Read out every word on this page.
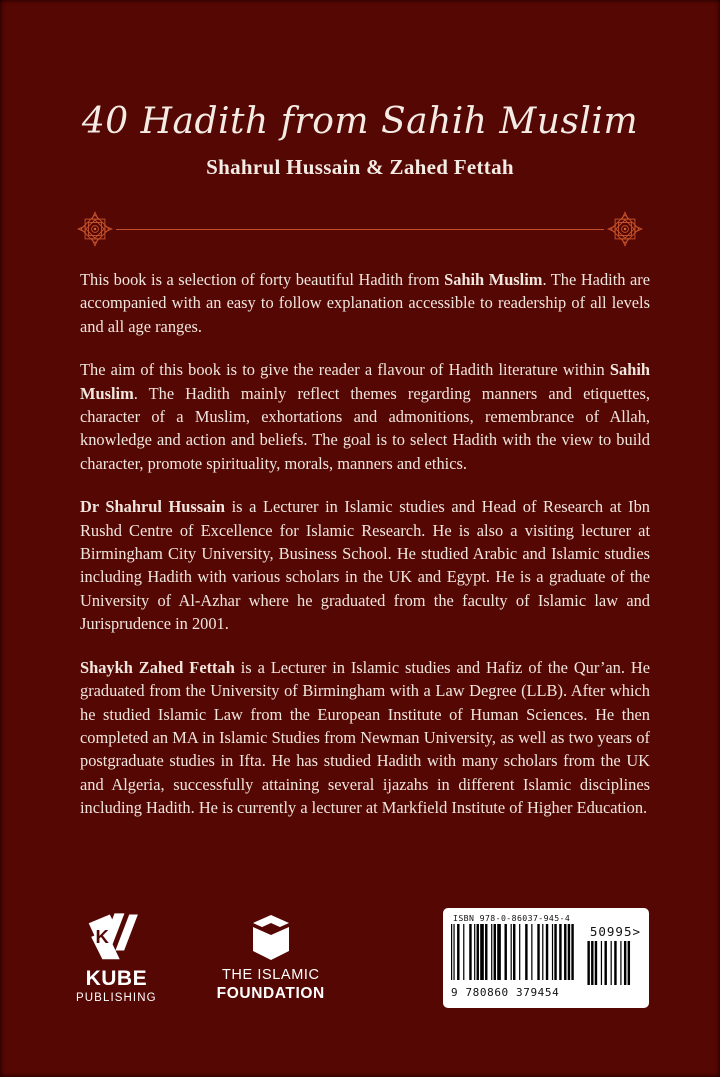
40 Hadith from Sahih Muslim
Shahrul Hussain & Zahed Fettah

This book is a selection of forty beautiful Hadith from Sahih Muslim. The Hadith are accompanied with an easy to follow explanation accessible to readership of all levels and all age ranges.

The aim of this book is to give the reader a flavour of Hadith literature within Sahih Muslim. The Hadith mainly reflect themes regarding manners and etiquettes, character of a Muslim, exhortations and admonitions, remembrance of Allah, knowledge and action and beliefs. The goal is to select Hadith with the view to build character, promote spirituality, morals, manners and ethics.

Dr Shahrul Hussain is a Lecturer in Islamic studies and Head of Research at Ibn Rushd Centre of Excellence for Islamic Research. He is also a visiting lecturer at Birmingham City University, Business School. He studied Arabic and Islamic studies including Hadith with various scholars in the UK and Egypt. He is a graduate of the University of Al-Azhar where he graduated from the faculty of Islamic law and Jurisprudence in 2001.

Shaykh Zahed Fettah is a Lecturer in Islamic studies and Hafiz of the Qur’an. He graduated from the University of Birmingham with a Law Degree (LLB). After which he studied Islamic Law from the European Institute of Human Sciences. He then completed an MA in Islamic Studies from Newman University, as well as two years of postgraduate studies in Ifta. He has studied Hadith with many scholars from the UK and Algeria, successfully attaining several ijazahs in different Islamic disciplines including Hadith. He is currently a lecturer at Markfield Institute of Higher Education.

K
KUBE
PUBLISHING
THE ISLAMIC
FOUNDATION
ISBN 978-0-86037-945-4
9 780860 379454
50995>
